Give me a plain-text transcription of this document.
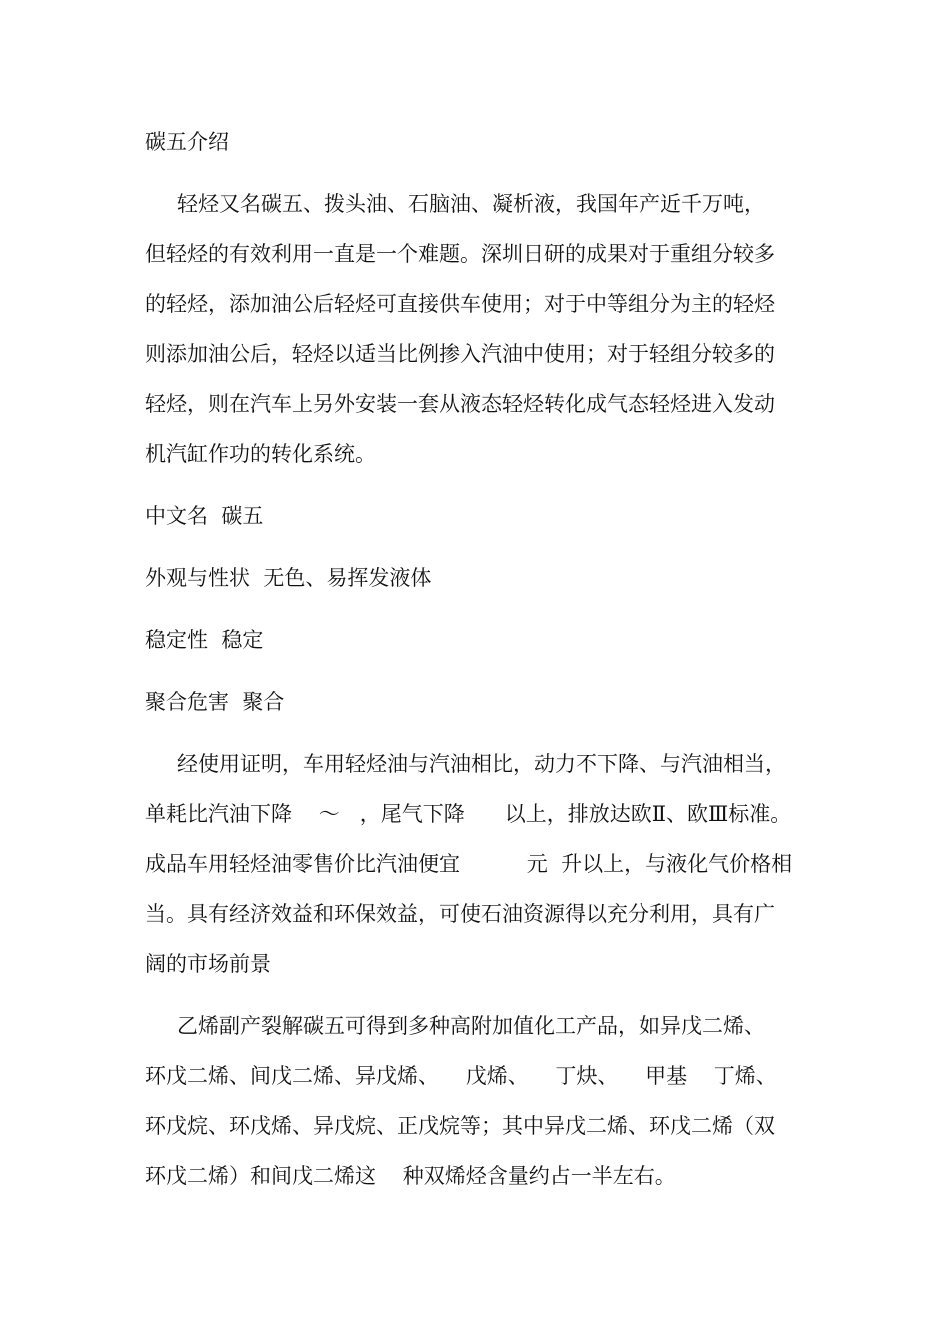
碳五介绍

轻烃又名碳五、拨头油、石脑油、凝析液，我国年产近千万吨，

但轻烃的有效利用一直是一个难题。深圳日研的成果对于重组分较多

的轻烃，添加油公后轻烃可直接供车使用；对于中等组分为主的轻烃

则添加油公后，轻烃以适当比例掺入汽油中使用；对于轻组分较多的

轻烃，则在汽车上另外安装一套从液态轻烃转化成气态轻烃进入发动

机汽缸作功的转化系统。

中文名 碳五

外观与性状 无色、易挥发液体

稳定性 稳定

聚合危害 聚合

经使用证明，车用轻烃油与汽油相比，动力不下降、与汽油相当，

单耗比汽油下降    ～   ，尾气下降      以上，排放达欧Ⅱ、欧Ⅲ标准。

成品车用轻烃油零售价比汽油便宜          元  升以上，与液化气价格相

当。具有经济效益和环保效益，可使石油资源得以充分利用，具有广

阔的市场前景

乙烯副产裂解碳五可得到多种高附加值化工产品，如异戊二烯、

环戊二烯、间戊二烯、异戊烯、    戊烯、    丁炔、    甲基    丁烯、

环戊烷、环戊烯、异戊烷、正戊烷等；其中异戊二烯、环戊二烯（双

环戊二烯）和间戊二烯这    种双烯烃含量约占一半左右。
